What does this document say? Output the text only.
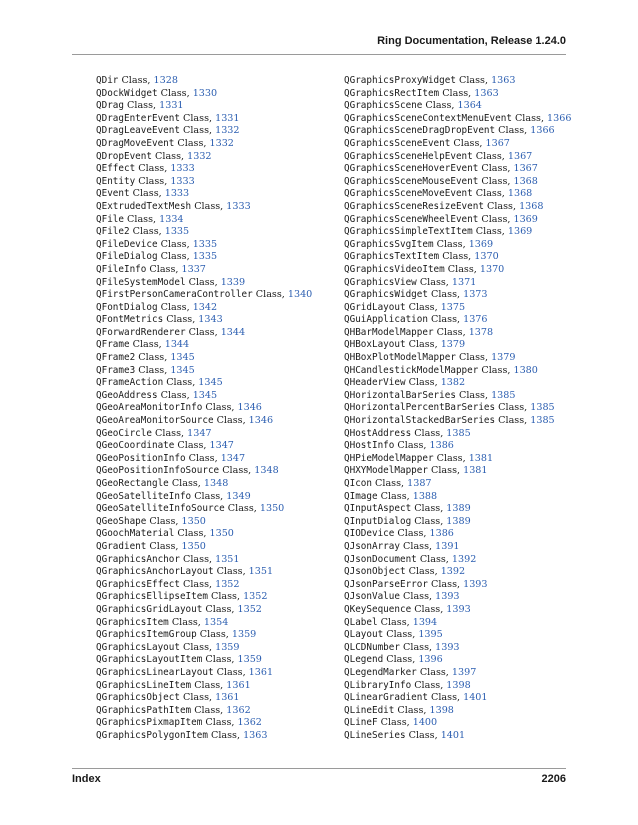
Ring Documentation, Release 1.24.0
QDir Class, 1328
QDockWidget Class, 1330
QDrag Class, 1331
QDragEnterEvent Class, 1331
QDragLeaveEvent Class, 1332
QDragMoveEvent Class, 1332
QDropEvent Class, 1332
QEffect Class, 1333
QEntity Class, 1333
QEvent Class, 1333
QExtrudedTextMesh Class, 1333
QFile Class, 1334
QFile2 Class, 1335
QFileDevice Class, 1335
QFileDialog Class, 1335
QFileInfo Class, 1337
QFileSystemModel Class, 1339
QFirstPersonCameraController Class, 1340
QFontDialog Class, 1342
QFontMetrics Class, 1343
QForwardRenderer Class, 1344
QFrame Class, 1344
QFrame2 Class, 1345
QFrame3 Class, 1345
QFrameAction Class, 1345
QGeoAddress Class, 1345
QGeoAreaMonitorInfo Class, 1346
QGeoAreaMonitorSource Class, 1346
QGeoCircle Class, 1347
QGeoCoordinate Class, 1347
QGeoPositionInfo Class, 1347
QGeoPositionInfoSource Class, 1348
QGeoRectangle Class, 1348
QGeoSatelliteInfo Class, 1349
QGeoSatelliteInfoSource Class, 1350
QGeoShape Class, 1350
QGoochMaterial Class, 1350
QGradient Class, 1350
QGraphicsAnchor Class, 1351
QGraphicsAnchorLayout Class, 1351
QGraphicsEffect Class, 1352
QGraphicsEllipseItem Class, 1352
QGraphicsGridLayout Class, 1352
QGraphicsItem Class, 1354
QGraphicsItemGroup Class, 1359
QGraphicsLayout Class, 1359
QGraphicsLayoutItem Class, 1359
QGraphicsLinearLayout Class, 1361
QGraphicsLineItem Class, 1361
QGraphicsObject Class, 1361
QGraphicsPathItem Class, 1362
QGraphicsPixmapItem Class, 1362
QGraphicsPolygonItem Class, 1363
QGraphicsProxyWidget Class, 1363
QGraphicsRectItem Class, 1363
QGraphicsScene Class, 1364
QGraphicsSceneContextMenuEvent Class, 1366
QGraphicsSceneDragDropEvent Class, 1366
QGraphicsSceneEvent Class, 1367
QGraphicsSceneHelpEvent Class, 1367
QGraphicsSceneHoverEvent Class, 1367
QGraphicsSceneMouseEvent Class, 1368
QGraphicsSceneMoveEvent Class, 1368
QGraphicsSceneResizeEvent Class, 1368
QGraphicsSceneWheelEvent Class, 1369
QGraphicsSimpleTextItem Class, 1369
QGraphicsSvgItem Class, 1369
QGraphicsTextItem Class, 1370
QGraphicsVideoItem Class, 1370
QGraphicsView Class, 1371
QGraphicsWidget Class, 1373
QGridLayout Class, 1375
QGuiApplication Class, 1376
QHBarModelMapper Class, 1378
QHBoxLayout Class, 1379
QHBoxPlotModelMapper Class, 1379
QHCandlestickModelMapper Class, 1380
QHeaderView Class, 1382
QHorizontalBarSeries Class, 1385
QHorizontalPercentBarSeries Class, 1385
QHorizontalStackedBarSeries Class, 1385
QHostAddress Class, 1385
QHostInfo Class, 1386
QHPieModelMapper Class, 1381
QHXYModelMapper Class, 1381
QIcon Class, 1387
QImage Class, 1388
QInputAspect Class, 1389
QInputDialog Class, 1389
QIODevice Class, 1386
QJsonArray Class, 1391
QJsonDocument Class, 1392
QJsonObject Class, 1392
QJsonParseError Class, 1393
QJsonValue Class, 1393
QKeySequence Class, 1393
QLabel Class, 1394
QLayout Class, 1395
QLCDNumber Class, 1393
QLegend Class, 1396
QLegendMarker Class, 1397
QLibraryInfo Class, 1398
QLinearGradient Class, 1401
QLineEdit Class, 1398
QLineF Class, 1400
QLineSeries Class, 1401
Index	2206
